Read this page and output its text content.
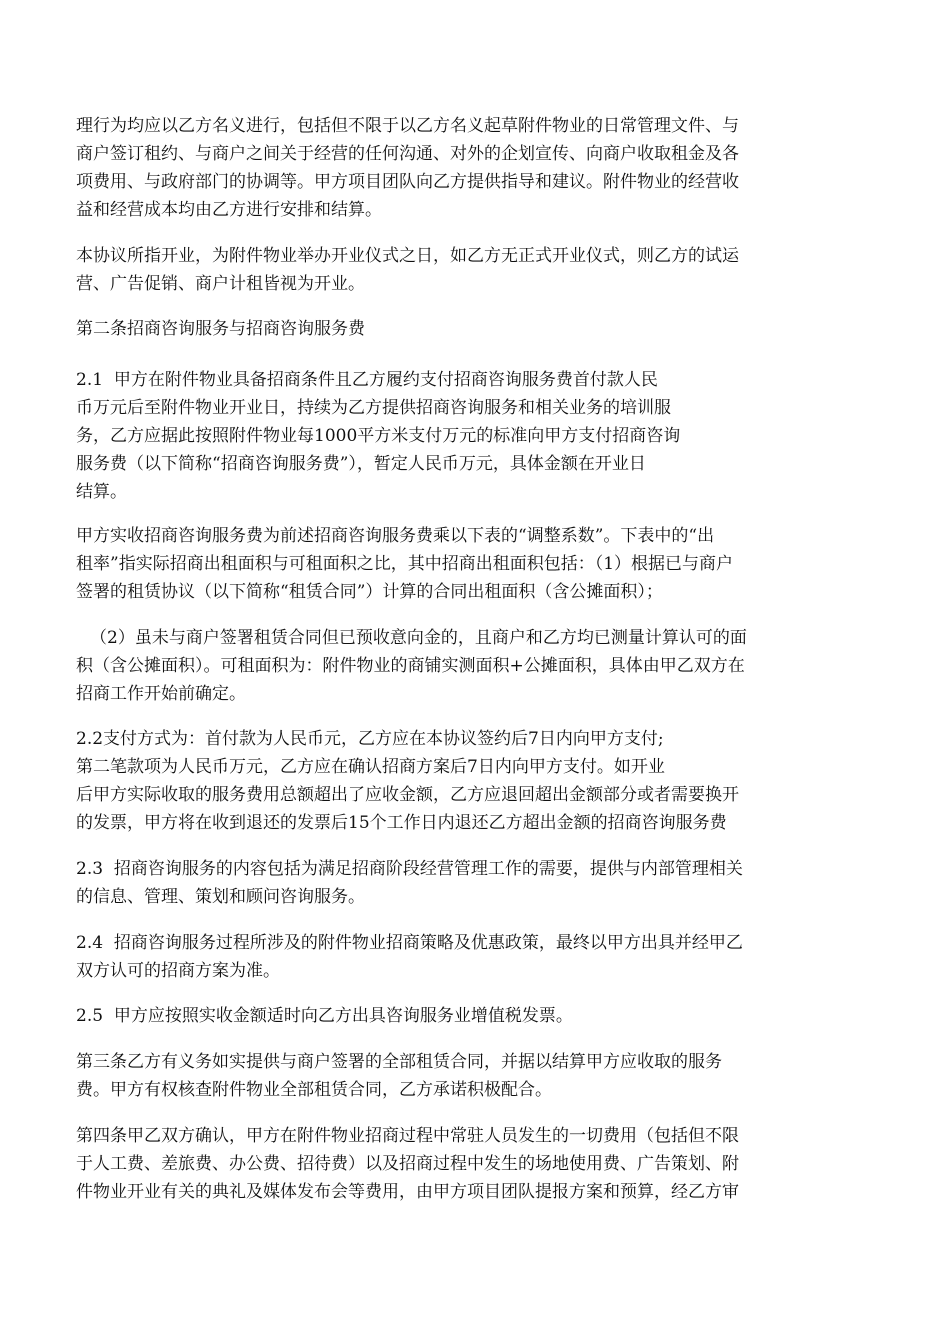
理行为均应以乙方名义进行，包括但不限于以乙方名义起草附件物业的日常管理文件、与
商户签订租约、与商户之间关于经营的任何沟通、对外的企划宣传、向商户收取租金及各
项费用、与政府部门的协调等。甲方项目团队向乙方提供指导和建议。附件物业的经营收
益和经营成本均由乙方进行安排和结算。
本协议所指开业，为附件物业举办开业仪式之日，如乙方无正式开业仪式，则乙方的试运
营、广告促销、商户计租皆视为开业。
第二条招商咨询服务与招商咨询服务费
2.1  甲方在附件物业具备招商条件且乙方履约支付招商咨询服务费首付款人民
币万元后至附件物业开业日，持续为乙方提供招商咨询服务和相关业务的培训服
务，乙方应据此按照附件物业每1000平方米支付万元的标准向甲方支付招商咨询
服务费（以下简称“招商咨询服务费”），暂定人民币万元，具体金额在开业日
结算。
甲方实收招商咨询服务费为前述招商咨询服务费乘以下表的“调整系数”。下表中的“出
租率”指实际招商出租面积与可租面积之比，其中招商出租面积包括：（1）根据已与商户
签署的租赁协议（以下简称“租赁合同”）计算的合同出租面积（含公摊面积）；
（2）虽未与商户签署租赁合同但已预收意向金的，且商户和乙方均已测量计算认可的面
积（含公摊面积）。可租面积为：附件物业的商铺实测面积+公摊面积，具体由甲乙双方在
招商工作开始前确定。
2.2支付方式为：首付款为人民币元，乙方应在本协议签约后7日内向甲方支付;
第二笔款项为人民币万元，乙方应在确认招商方案后7日内向甲方支付。如开业
后甲方实际收取的服务费用总额超出了应收金额，乙方应退回超出金额部分或者需要换开
的发票，甲方将在收到退还的发票后15个工作日内退还乙方超出金额的招商咨询服务费
2.3  招商咨询服务的内容包括为满足招商阶段经营管理工作的需要，提供与内部管理相关
的信息、管理、策划和顾问咨询服务。
2.4  招商咨询服务过程所涉及的附件物业招商策略及优惠政策，最终以甲方出具并经甲乙
双方认可的招商方案为准。
2.5  甲方应按照实收金额适时向乙方出具咨询服务业增值税发票。
第三条乙方有义务如实提供与商户签署的全部租赁合同，并据以结算甲方应收取的服务
费。甲方有权核查附件物业全部租赁合同，乙方承诺积极配合。
第四条甲乙双方确认，甲方在附件物业招商过程中常驻人员发生的一切费用（包括但不限
于人工费、差旅费、办公费、招待费）以及招商过程中发生的场地使用费、广告策划、附
件物业开业有关的典礼及媒体发布会等费用，由甲方项目团队提报方案和预算，经乙方审
